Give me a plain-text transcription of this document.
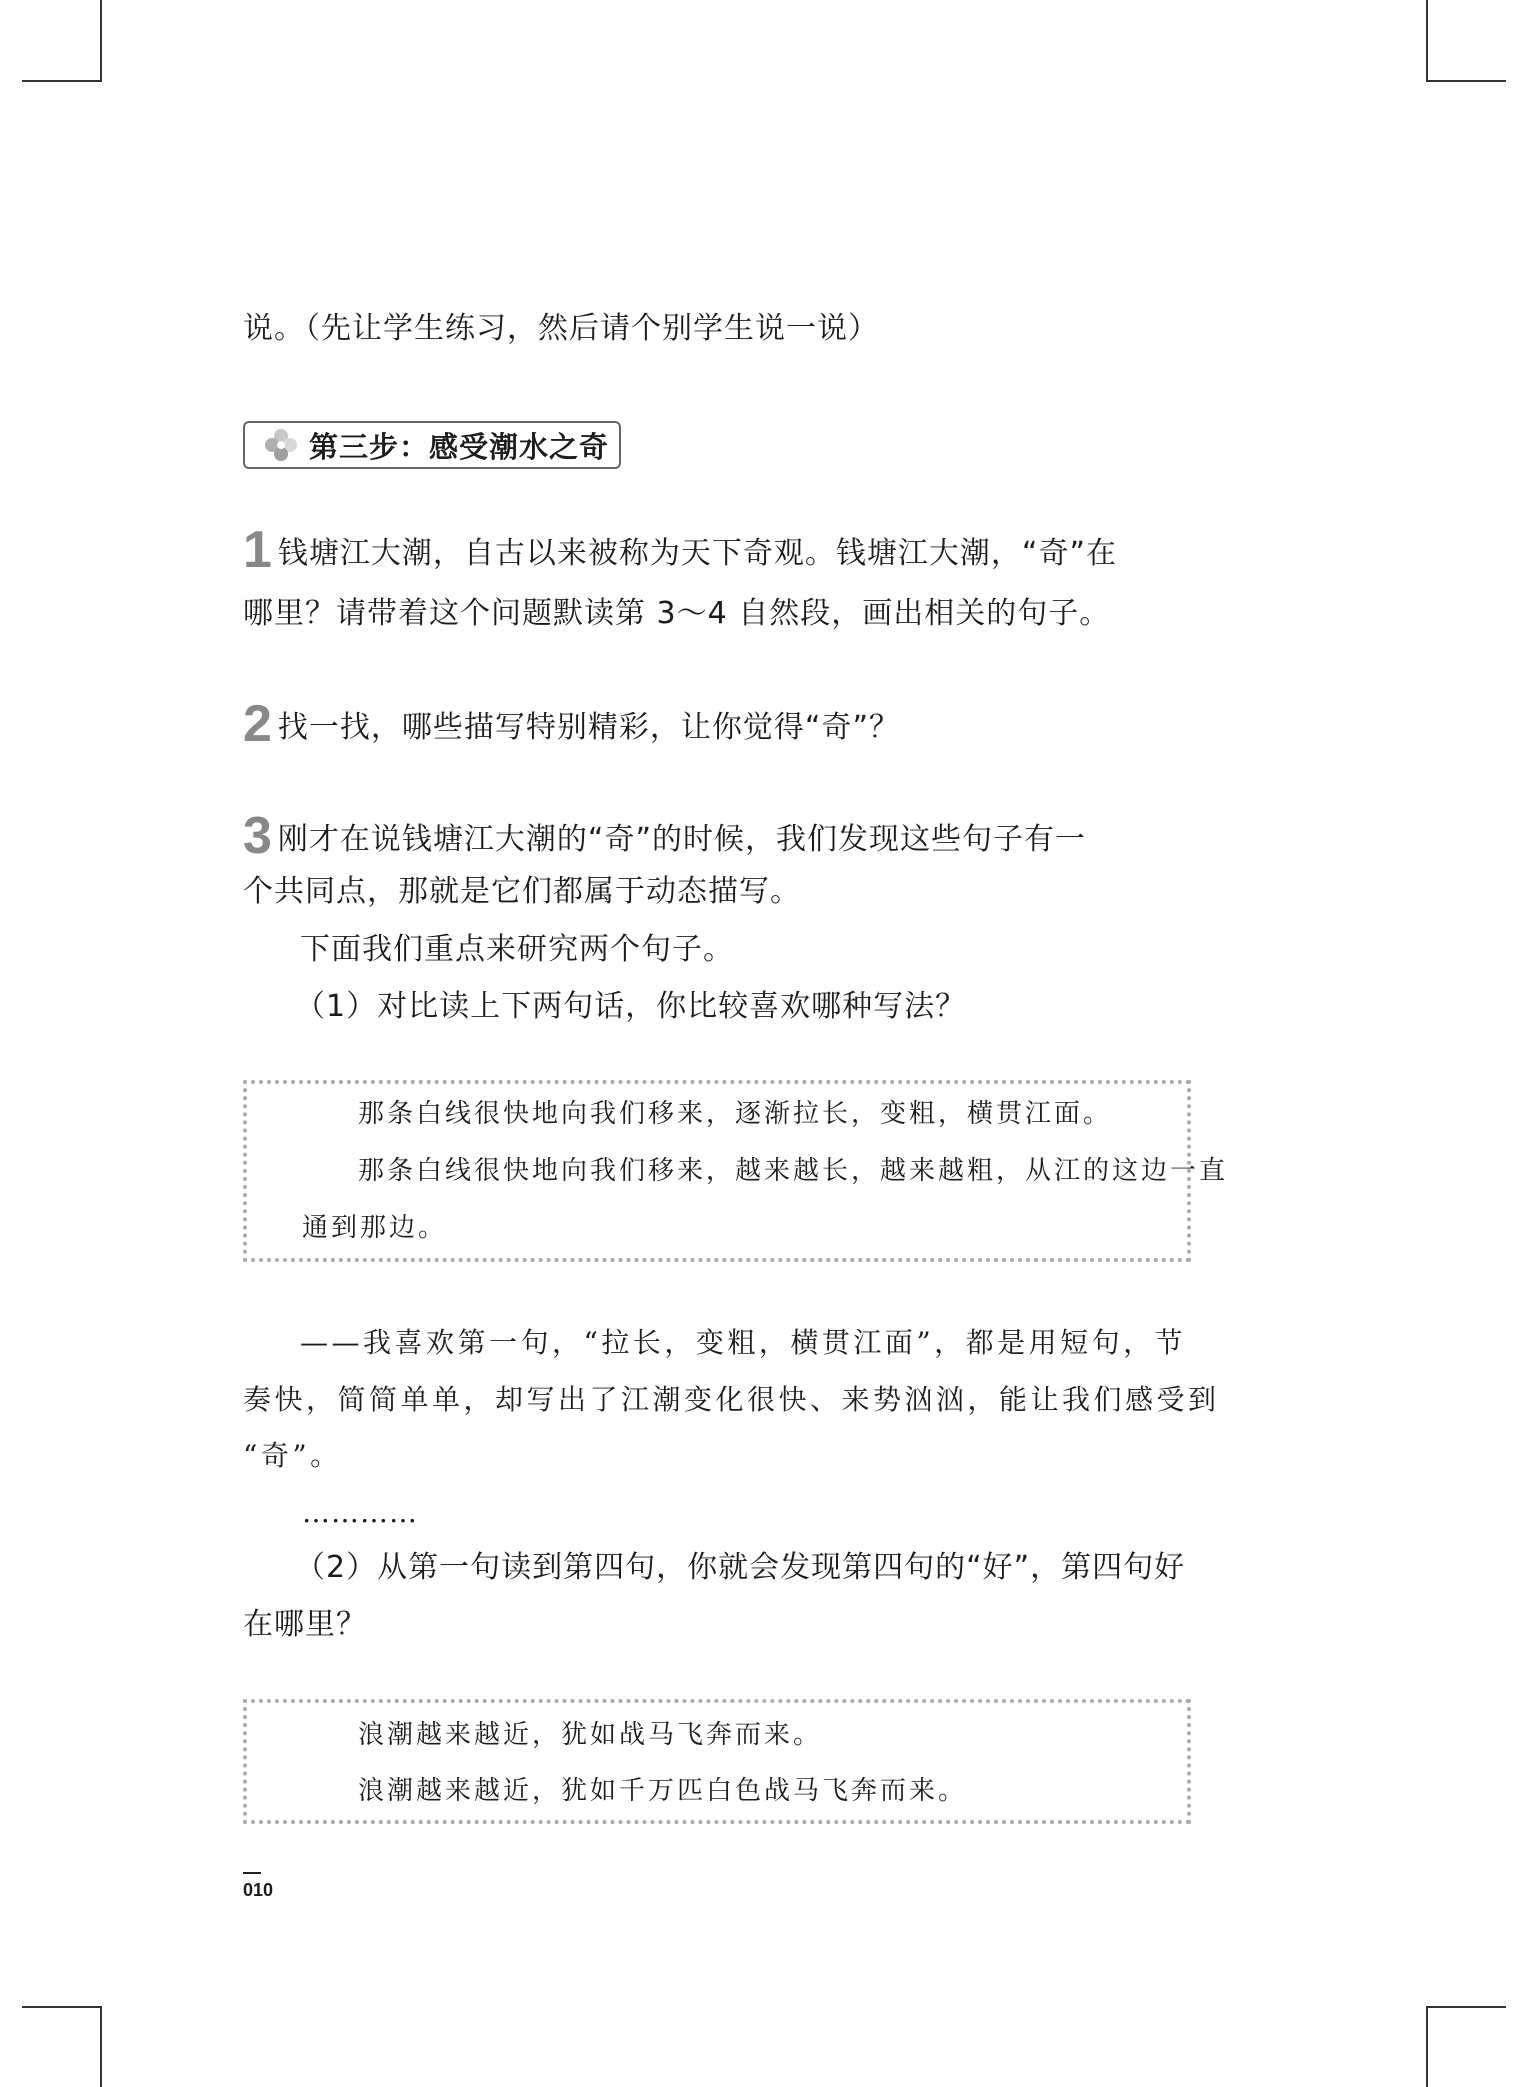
说。（先让学生练习，然后请个别学生说一说）
第三步：感受潮水之奇
1 钱塘江大潮，自古以来被称为天下奇观。钱塘江大潮，“奇”在
哪里？请带着这个问题默读第 3～4 自然段，画出相关的句子。
2 找一找，哪些描写特别精彩，让你觉得“奇”？
3 刚才在说钱塘江大潮的“奇”的时候，我们发现这些句子有一
个共同点，那就是它们都属于动态描写。
下面我们重点来研究两个句子。
（1）对比读上下两句话，你比较喜欢哪种写法？
那条白线很快地向我们移来，逐渐拉长，变粗，横贯江面。
那条白线很快地向我们移来，越来越长，越来越粗，从江的这边一直
通到那边。
——我喜欢第一句，“拉长，变粗，横贯江面”，都是用短句，节
奏快，简简单单，却写出了江潮变化很快、来势汹汹，能让我们感受到
“奇”。
…………
（2）从第一句读到第四句，你就会发现第四句的“好”，第四句好
在哪里？
浪潮越来越近，犹如战马飞奔而来。
浪潮越来越近，犹如千万匹白色战马飞奔而来。
010
